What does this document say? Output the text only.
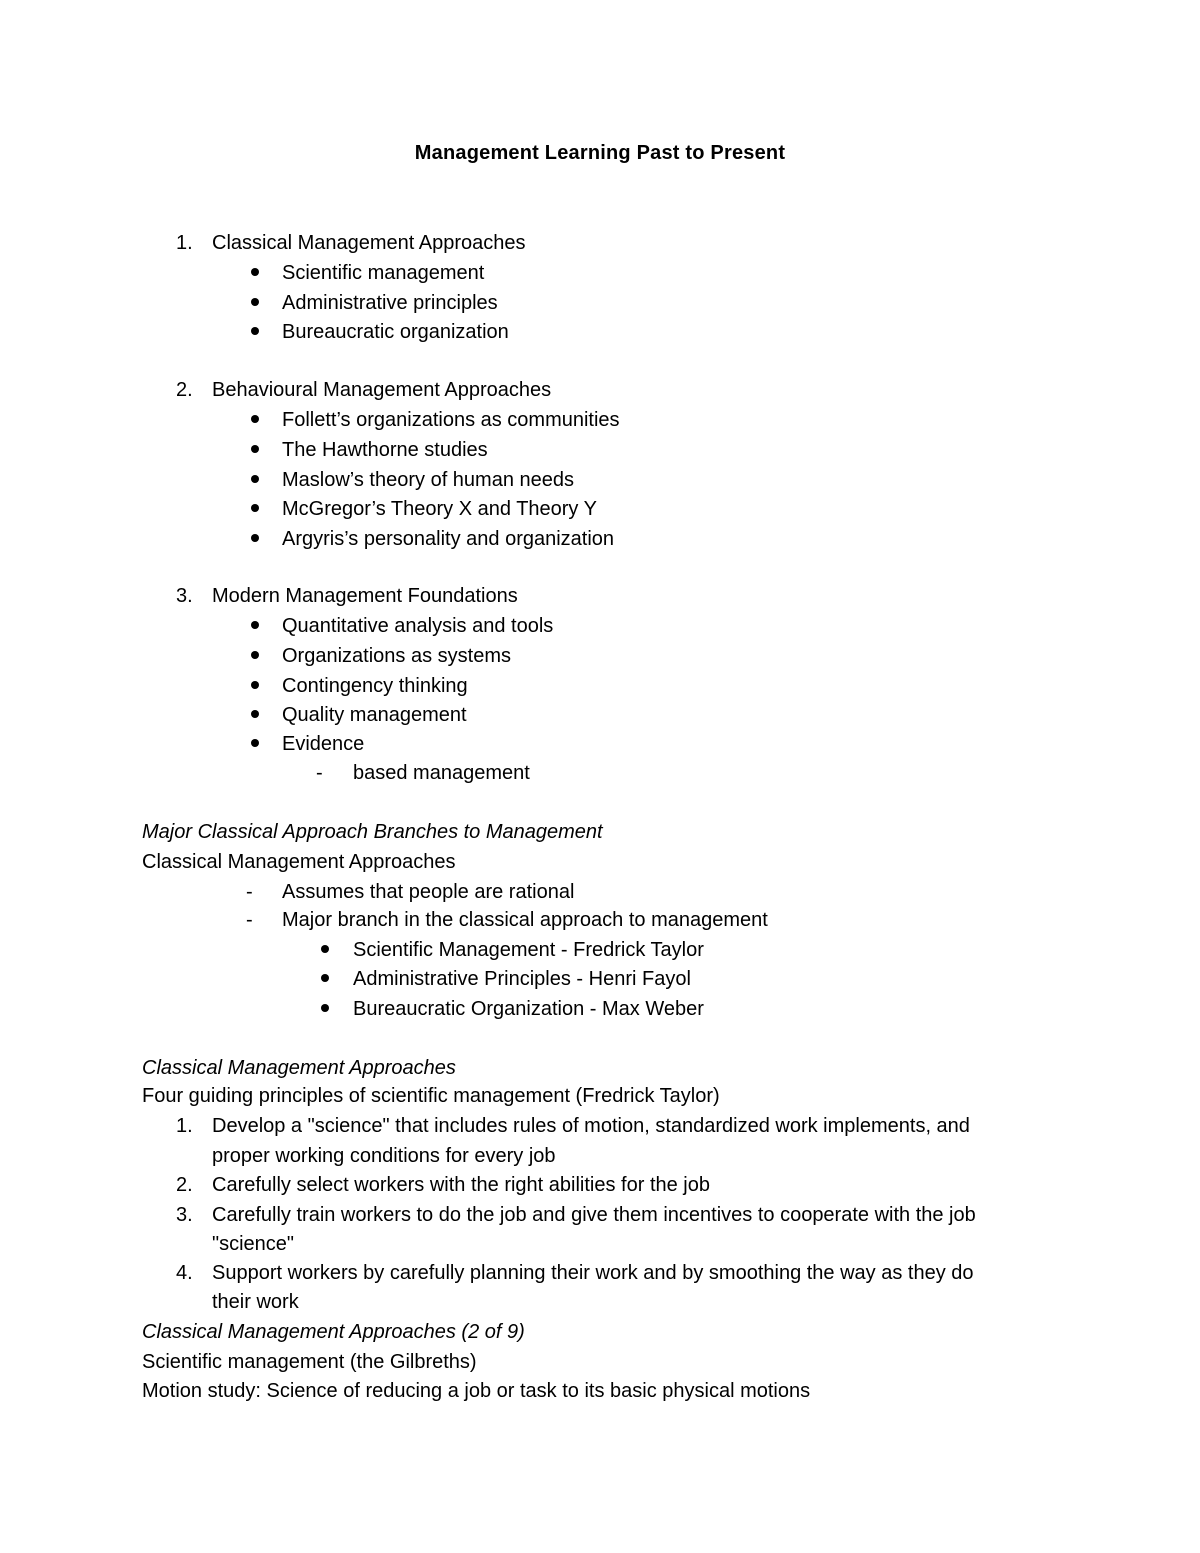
Management Learning Past to Present
1. Classical Management Approaches
Scientific management
Administrative principles
Bureaucratic organization
2. Behavioural Management Approaches
Follett’s organizations as communities
The Hawthorne studies
Maslow’s theory of human needs
McGregor’s Theory X and Theory Y
Argyris’s personality and organization
3. Modern Management Foundations
Quantitative analysis and tools
Organizations as systems
Contingency thinking
Quality management
Evidence
- based management
Major Classical Approach Branches to Management
Classical Management Approaches
- Assumes that people are rational
- Major branch in the classical approach to management
Scientific Management - Fredrick Taylor
Administrative Principles - Henri Fayol
Bureaucratic Organization - Max Weber
Classical Management Approaches
Four guiding principles of scientific management (Fredrick Taylor)
1. Develop a "science" that includes rules of motion, standardized work implements, and
proper working conditions for every job
2. Carefully select workers with the right abilities for the job
3. Carefully train workers to do the job and give them incentives to cooperate with the job
"science"
4. Support workers by carefully planning their work and by smoothing the way as they do
their work
Classical Management Approaches (2 of 9)
Scientific management (the Gilbreths)
Motion study: Science of reducing a job or task to its basic physical motions
